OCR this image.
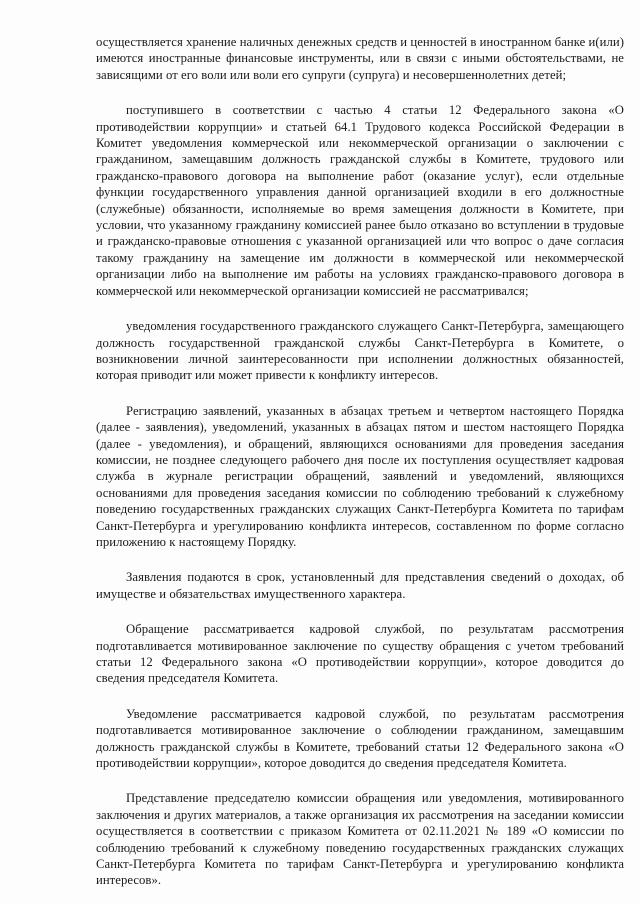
осуществляется хранение наличных денежных средств и ценностей в иностранном банке и(или) имеются иностранные финансовые инструменты, или в связи с иными обстоятельствами, не зависящими от его воли или воли его супруги (супруга) и несовершеннолетних детей;

поступившего в соответствии с частью 4 статьи 12 Федерального закона «О противодействии коррупции» и статьей 64.1 Трудового кодекса Российской Федерации в Комитет уведомления коммерческой или некоммерческой организации о заключении с гражданином, замещавшим должность гражданской службы в Комитете, трудового или гражданско-правового договора на выполнение работ (оказание услуг), если отдельные функции государственного управления данной организацией входили в его должностные (служебные) обязанности, исполняемые во время замещения должности в Комитете, при условии, что указанному гражданину комиссией ранее было отказано во вступлении в трудовые и гражданско-правовые отношения с указанной организацией или что вопрос о даче согласия такому гражданину на замещение им должности в коммерческой или некоммерческой организации либо на выполнение им работы на условиях гражданско-правового договора в коммерческой или некоммерческой организации комиссией не рассматривался;

уведомления государственного гражданского служащего Санкт-Петербурга, замещающего должность государственной гражданской службы Санкт-Петербурга в Комитете, о возникновении личной заинтересованности при исполнении должностных обязанностей, которая приводит или может привести к конфликту интересов.

Регистрацию заявлений, указанных в абзацах третьем и четвертом настоящего Порядка (далее - заявления), уведомлений, указанных в абзацах пятом и шестом настоящего Порядка (далее - уведомления), и обращений, являющихся основаниями для проведения заседания комиссии, не позднее следующего рабочего дня после их поступления осуществляет кадровая служба в журнале регистрации обращений, заявлений и уведомлений, являющихся основаниями для проведения заседания комиссии по соблюдению требований к служебному поведению государственных гражданских служащих Санкт-Петербурга Комитета по тарифам Санкт-Петербурга и урегулированию конфликта интересов, составленном по форме согласно приложению к настоящему Порядку.

Заявления подаются в срок, установленный для представления сведений о доходах, об имуществе и обязательствах имущественного характера.

Обращение рассматривается кадровой службой, по результатам рассмотрения подготавливается мотивированное заключение по существу обращения с учетом требований статьи 12 Федерального закона «О противодействии коррупции», которое доводится до сведения председателя Комитета.

Уведомление рассматривается кадровой службой, по результатам рассмотрения подготавливается мотивированное заключение о соблюдении гражданином, замещавшим должность гражданской службы в Комитете, требований статьи 12 Федерального закона «О противодействии коррупции», которое доводится до сведения председателя Комитета.

Представление председателю комиссии обращения или уведомления, мотивированного заключения и других материалов, а также организация их рассмотрения на заседании комиссии осуществляется в соответствии с приказом Комитета от 02.11.2021 № 189 «О комиссии по соблюдению требований к служебному поведению государственных гражданских служащих Санкт-Петербурга Комитета по тарифам Санкт-Петербурга и урегулированию конфликта интересов».
